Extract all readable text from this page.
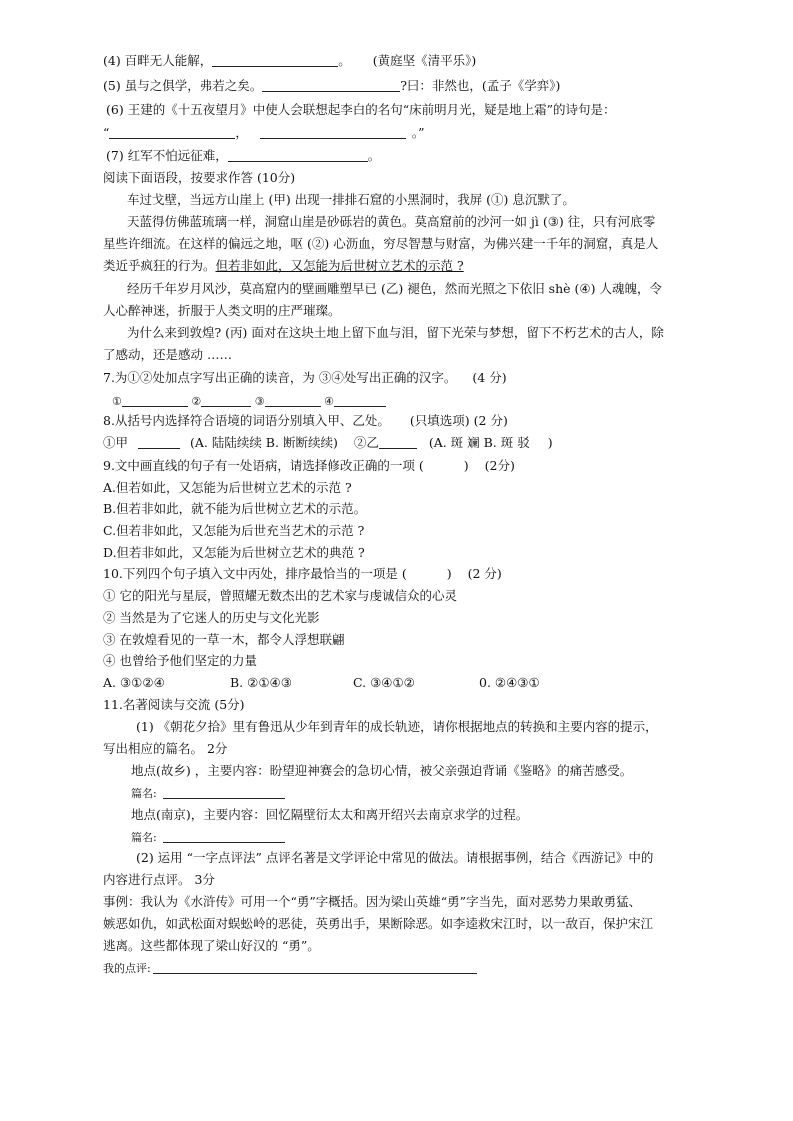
(4) 百畔无人能解，	。 (黄庭坚《清平乐》)
(5) 虽与之俱学，弗若之矣。	?曰：非然也，(孟子《学弈》)
(6) 王建的《十五夜望月》中使人会联想起李白的名句“床前明月光，疑是地上霜”的诗句是：
“	，	。”
(7) 红军不怕远征难，	。
阅读下面语段，按要求作答 (10分)
车过戈壁，当远方山崖上 (甲) 出现一排排石窟的小黑洞时，我屏 (①) 息沉默了。
天蓝得仿佛蓝琉璃一样，洞窟山崖是砂砾岩的黄色。莫高窟前的沙河一如 jì (③) 往，只有河底零
星些许细流。在这样的偏远之地，呕 (②) 心沥血，穷尽智慧与财富，为佛兴建一千年的洞窟，真是人
类近乎疯狂的行为。但若非如此，又怎能为后世树立艺术的示范 ?
经历千年岁月风沙，莫高窟内的壁画雕塑早已 (乙) 褪色，然而光照之下依旧 shè (④) 人魂魄，令
人心醉神迷，折服于人类文明的庄严璀璨。
为什么来到敦煌? (丙) 面对在这块土地上留下血与泪，留下光荣与梦想，留下不朽艺术的古人，除
了感动，还是感动 ……
7.为①②处加点字写出正确的读音，为 ③④处写出正确的汉字。 (4 分)
①	②	③	④
8.从括号内选择符合语境的词语分别填入甲、乙处。 (只填选项) (2 分)
①甲	(A. 陆陆续续 B. 断断续续) ②乙	(A. 斑 斓 B. 斑 驳 )
9.文中画直线的句子有一处语病，请选择修改正确的一项 (	) (2分)
A.但若如此，又怎能为后世树立艺术的示范 ?
B.但若非如此，就不能为后世树立艺术的示范。
C.但若非如此，又怎能为后世充当艺术的示范 ?
D.但若非如此，又怎能为后世树立艺术的典范 ?
10.下列四个句子填入文中丙处，排序最恰当的一项是 (	) (2 分)
① 它的阳光与星辰，曾照耀无数杰出的艺术家与虔诚信众的心灵
② 当然是为了它迷人的历史与文化光影
③ 在敦煌看见的一草一木，都令人浮想联翩
④ 也曾给予他们坚定的力量
A. ③①②④	B. ②①④③	C. ③④①②	0. ②④③①
11.名著阅读与交流 (5分)
(1) 《朝花夕拾》里有鲁迅从少年到青年的成长轨迹，请你根据地点的转换和主要内容的提示，
写出相应的篇名。 2分
地点(故乡) ，主要内容：盼望迎神赛会的急切心情，被父亲强迫背诵《鉴略》的痛苦感受。
篇名:
地点(南京)，主要内容：回忆隔壁衍太太和离开绍兴去南京求学的过程。
篇名:
(2) 运用 “一字点评法” 点评名著是文学评论中常见的做法。请根据事例，结合《西游记》中的
内容进行点评。 3分
事例：我认为《水浒传》可用一个“勇”字概括。因为梁山英雄“勇”字当先，面对恶势力果敢勇猛、
嫉恶如仇，如武松面对蜈蚣岭的恶徒，英勇出手，果断除恶。如李逵救宋江时，以一敌百，保护宋江
逃离。这些都体现了梁山好汉的 “勇”。
我的点评:
